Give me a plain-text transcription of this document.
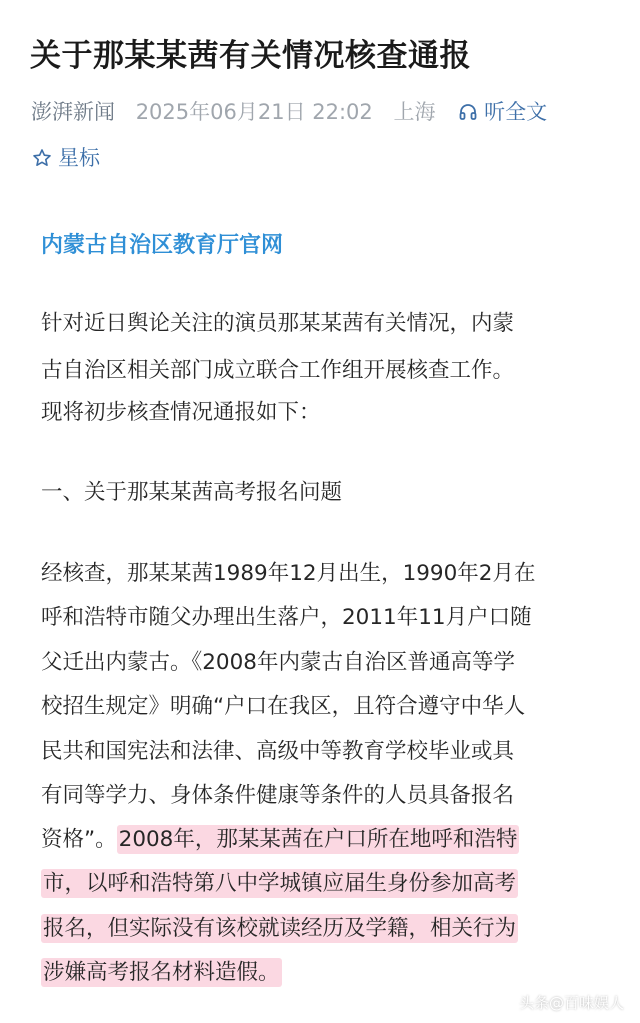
关于那某某茜有关情况核查通报
澎湃新闻 2025年06月21日 22:02 上海 听全文
星标
内蒙古自治区教育厅官网
针对近日舆论关注的演员那某某茜有关情况，内蒙
古自治区相关部门成立联合工作组开展核查工作。
现将初步核查情况通报如下：
一、关于那某某茜高考报名问题
经核查，那某某茜1989年12月出生，1990年2月在
呼和浩特市随父办理出生落户，2011年11月户口随
父迁出内蒙古。《2008年内蒙古自治区普通高等学
校招生规定》明确“户口在我区，且符合遵守中华人
民共和国宪法和法律、高级中等教育学校毕业或具
有同等学力、身体条件健康等条件的人员具备报名
资格”。2008年，那某某茜在户口所在地呼和浩特
市，以呼和浩特第八中学城镇应届生身份参加高考
报名，但实际没有该校就读经历及学籍，相关行为
涉嫌高考报名材料造假。
头条@百味娱人
